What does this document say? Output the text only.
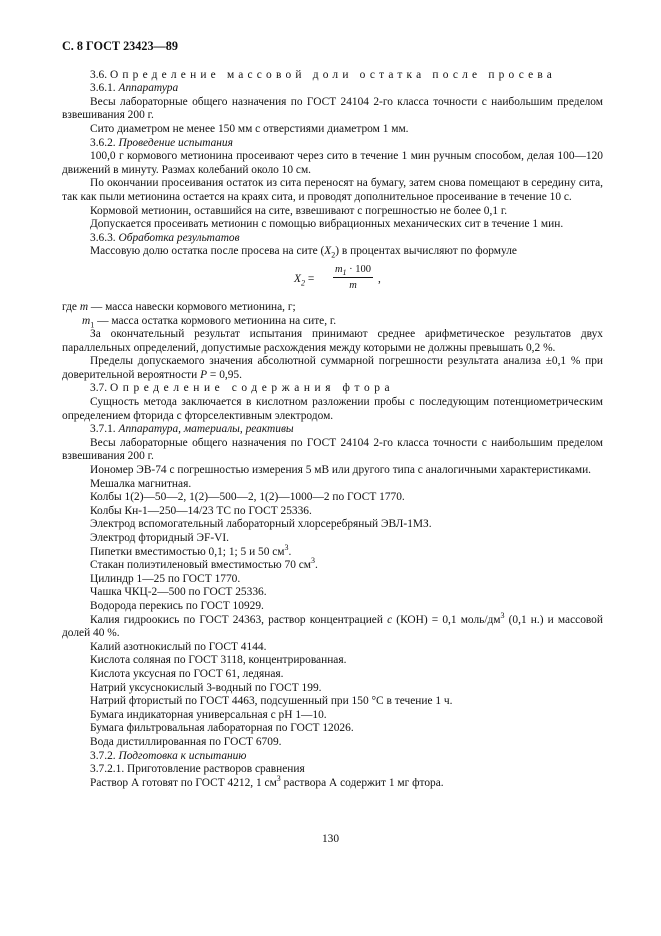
С. 8 ГОСТ 23423—89

3.6. Определение массовой доли остатка после просева

3.6.1. Аппаратура

Весы лабораторные общего назначения по ГОСТ 24104 2-го класса точности с наибольшим пределом взвешивания 200 г.

Сито диаметром не менее 150 мм с отверстиями диаметром 1 мм.

3.6.2. Проведение испытания

100,0 г кормового метионина просеивают через сито в течение 1 мин ручным способом, делая 100—120 движений в минуту. Размах колебаний около 10 см.

По окончании просеивания остаток из сита переносят на бумагу, затем снова помещают в середину сита, так как пыли метионина остается на краях сита, и проводят дополнительное просеивание в течение 10 с.

Кормовой метионин, оставшийся на сите, взвешивают с погрешностью не более 0,1 г.

Допускается просеивать метионин с помощью вибрационных механических сит в течение 1 мин.

3.6.3. Обработка результатов

Массовую долю остатка после просева на сите $(X_2)$ в процентах вычисляют по формуле

$X_2$ =
$m_1 \cdot 100$
m
,

где m — масса навески кормового метионина, г;

$m_1$ — масса остатка кормового метионина на сите, г.

За окончательный результат испытания принимают среднее арифметическое результатов двух параллельных определений, допустимые расхождения между которыми не должны превышать 0,2 %.

Пределы допускаемого значения абсолютной суммарной погрешности результата анализа ±0,1 % при доверительной вероятности P = 0,95.

3.7. Определение содержания фтора

Сущность метода заключается в кислотном разложении пробы с последующим потенциометрическим определением фторида с фторселективным электродом.

3.7.1. Аппаратура, материалы, реактивы

Весы лабораторные общего назначения по ГОСТ 24104 2-го класса точности с наибольшим пределом взвешивания 200 г.

Иономер ЭВ-74 с погрешностью измерения 5 мВ или другого типа с аналогичными характеристиками.

Мешалка магнитная.

Колбы 1(2)—50—2, 1(2)—500—2, 1(2)—1000—2 по ГОСТ 1770.

Колбы Кн-1—250—14/23 ТС по ГОСТ 25336.

Электрод вспомогательный лабораторный хлорсеребряный ЭВЛ-1МЗ.

Электрод фторидный ЭF-VI.

Пипетки вместимостью 0,1; 1; 5 и 50 $см^3$.

Стакан полиэтиленовый вместимостью 70 $см^3$.

Цилиндр 1—25 по ГОСТ 1770.

Чашка ЧКЦ-2—500 по ГОСТ 25336.

Водорода перекись по ГОСТ 10929.

Калия гидроокись по ГОСТ 24363, раствор концентрацией c (КОН) = 0,1 моль/$дм^3$ (0,1 н.) и массовой долей 40 %.

Калий азотнокислый по ГОСТ 4144.

Кислота соляная по ГОСТ 3118, концентрированная.

Кислота уксусная по ГОСТ 61, ледяная.

Натрий уксуснокислый 3-водный по ГОСТ 199.

Натрий фтористый по ГОСТ 4463, подсушенный при 150 °С в течение 1 ч.

Бумага индикаторная универсальная с рН 1—10.

Бумага фильтровальная лабораторная по ГОСТ 12026.

Вода дистиллированная по ГОСТ 6709.

3.7.2. Подготовка к испытанию

3.7.2.1. Приготовление растворов сравнения

Раствор А готовят по ГОСТ 4212, 1 $см^3$ раствора А содержит 1 мг фтора.

130
